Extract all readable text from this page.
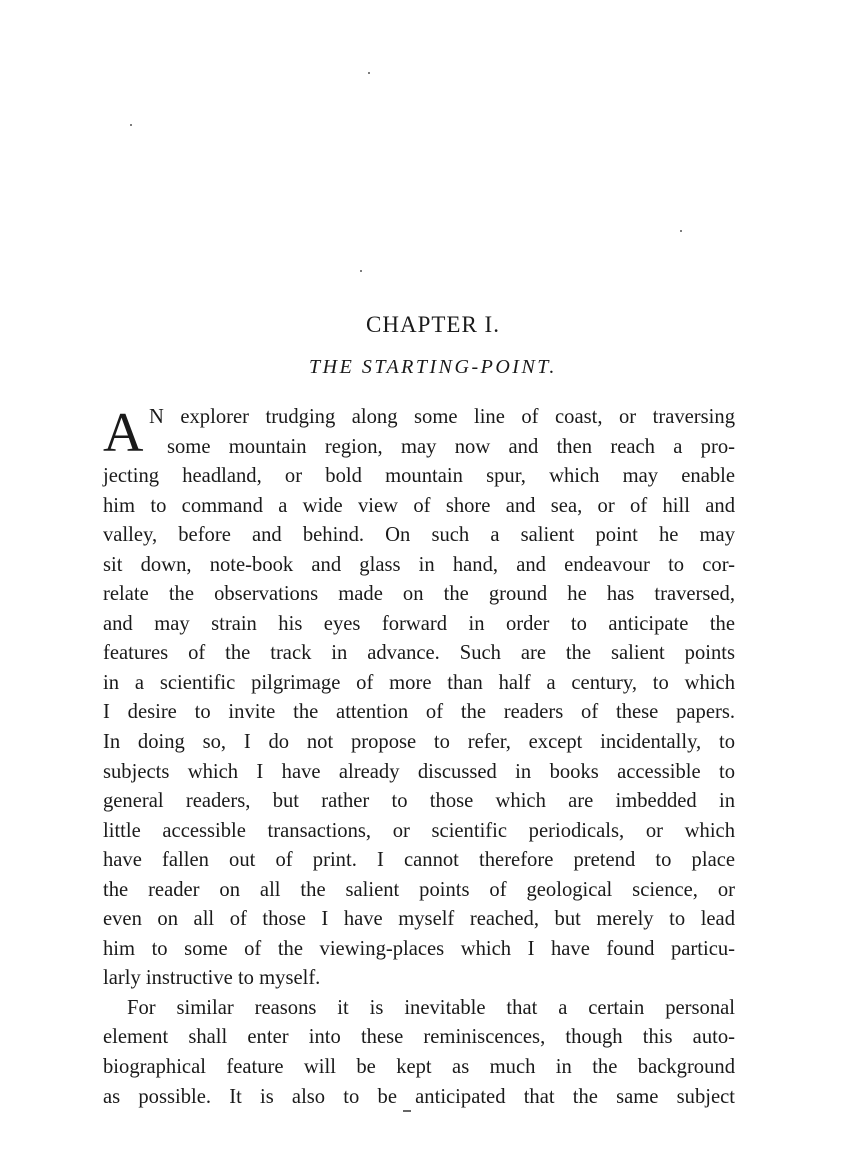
CHAPTER I.
THE STARTING-POINT.
A N explorer trudging along some line of coast, or traversing
some mountain region, may now and then reach a pro-
jecting headland, or bold mountain spur, which may enable
him to command a wide view of shore and sea, or of hill and
valley, before and behind. On such a salient point he may
sit down, note-book and glass in hand, and endeavour to cor-
relate the observations made on the ground he has traversed,
and may strain his eyes forward in order to anticipate the
features of the track in advance. Such are the salient points
in a scientific pilgrimage of more than half a century, to which
I desire to invite the attention of the readers of these papers.
In doing so, I do not propose to refer, except incidentally, to
subjects which I have already discussed in books accessible to
general readers, but rather to those which are imbedded in
little accessible transactions, or scientific periodicals, or which
have fallen out of print. I cannot therefore pretend to place
the reader on all the salient points of geological science, or
even on all of those I have myself reached, but merely to lead
him to some of the viewing-places which I have found particu-
larly instructive to myself.
For similar reasons it is inevitable that a certain personal
element shall enter into these reminiscences, though this auto-
biographical feature will be kept as much in the background
as possible. It is also to be anticipated that the same subject
